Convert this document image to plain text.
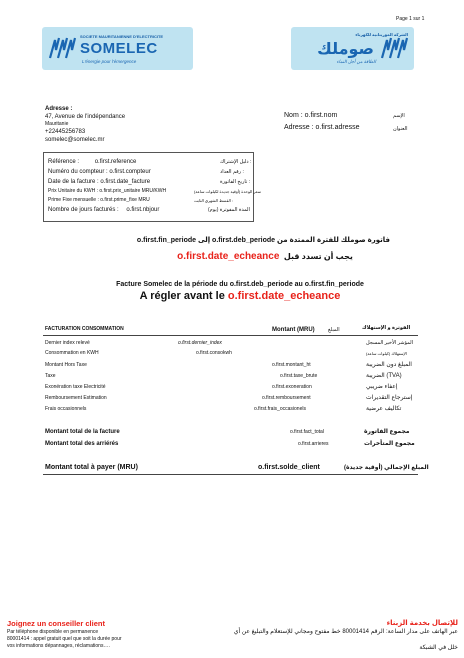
Page 1 sur 1
SOCIETE MAURITANIENNE D'ELECTRICITE
SOMELEC
L'énergie pour l'émergence
الشركة الموريتانية للكهرباء
صوملك
الطاقة من أجل النماء
Adresse :
47, Avenue de l'indépendance
Mauritanie
+22445256783
somelec@somelec.mr
Nom : o.first.nom	الإسم
Adresse : o.first.adresse	العنوان
Référence : o.first.reference	دليل الإشتراك :
Numéro du compteur : o.first.compteur	رقم العداد :
Date de la facture : o.first.date_facture	تاريخ الفاتورة :
Prix Unitaire du KWH : o.first.prix_unitaire MRU/KWH	سعر الوحدة (أوقية جديدة لكيلوات ساعة)
Prime Fixe mensuelle : o.first.prime_fixe MRU	القسط الشهري الثابت :
Nombre de jours facturés : o.first.nbjour	المدة المفوترة (يوم)
فاتورة صوملك للفترة الممتدة من o.first.deb_periode إلى o.first.fin_periode
o.first.date_echeance يجب أن تسدد قبل
Facture Somelec de la période du o.first.deb_periode au o.first.fin_periode
A régler avant le o.first.date_echeance
FACTURATION CONSOMMATION	Montant (MRU)	المبلغ	الفوترة و الإستهلاك
Dernier index relevé	o.first.dernier_index	المؤشر الأخير المسجل
Consommation en KWH	o.first.consokwh	الإستهلاك (كيلوات ساعة)
Montant Hors Taxe	o.first.montant_ht	المبلغ دون الضريبة
Taxe	o.first.taxe_brute	الضريبة (TVA)
Exonération taxe Electricité	o.first.exoneration	إعفاء ضريبي
Remboursement Estimation	o.first.remboursement	إسترجاع التقديرات
Frais occasionnels	o.first.frais_occasionels	تكاليف عرضية
Montant total de la facture	o.first.fact_total	مجموع الفاتورة
Montant total des arriérés	o.first.arrieres	مجموع المتأخرات
Montant total à payer (MRU)	o.first.solde_client	المبلغ الإجمالي (أوقية جديدة)
Joignez un conseiller client
Par téléphone disponible en permanence
80001414 : appel gratuit quel que soit la durée pour
vos informations dépannages, réclamations….
للإتصال بخدمة الزبناء
عبر الهاتف على مدار الساعة: الرقم 80001414 خط مفتوح ومجاني للإستعلام والتبليغ عن أي
خلل في الشبكة
